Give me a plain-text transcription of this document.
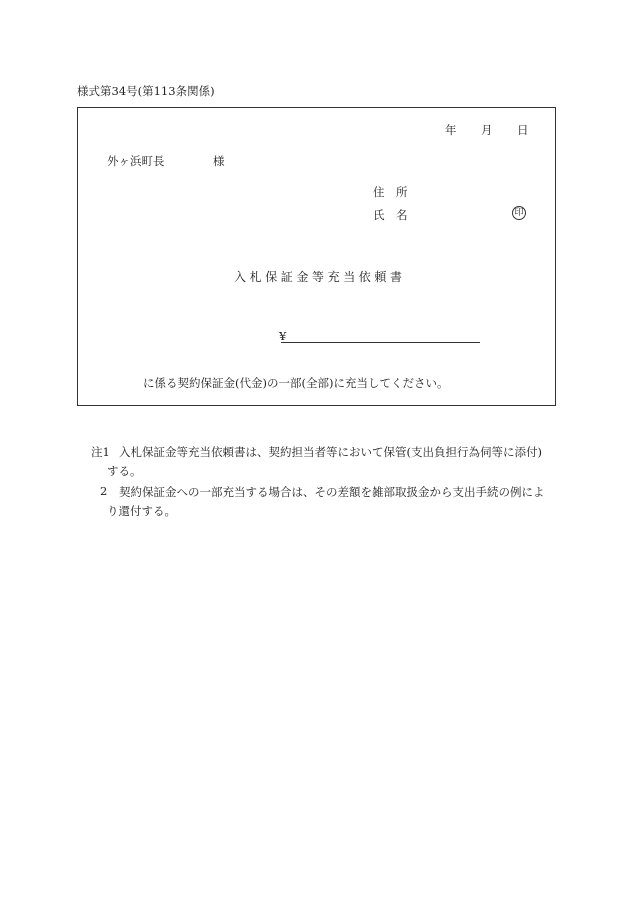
様式第34号(第113条関係)
年 月 日
外ヶ浜町長	様
住　所
氏　名	印
入札保証金等充当依頼書
¥
に係る契約保証金(代金)の一部(全部)に充当してください。
注1 入札保証金等充当依頼書は、契約担当者等において保管(支出負担行為伺等に添付)
する。
2 契約保証金への一部充当する場合は、その差額を雑部取扱金から支出手続の例によ
り還付する。
